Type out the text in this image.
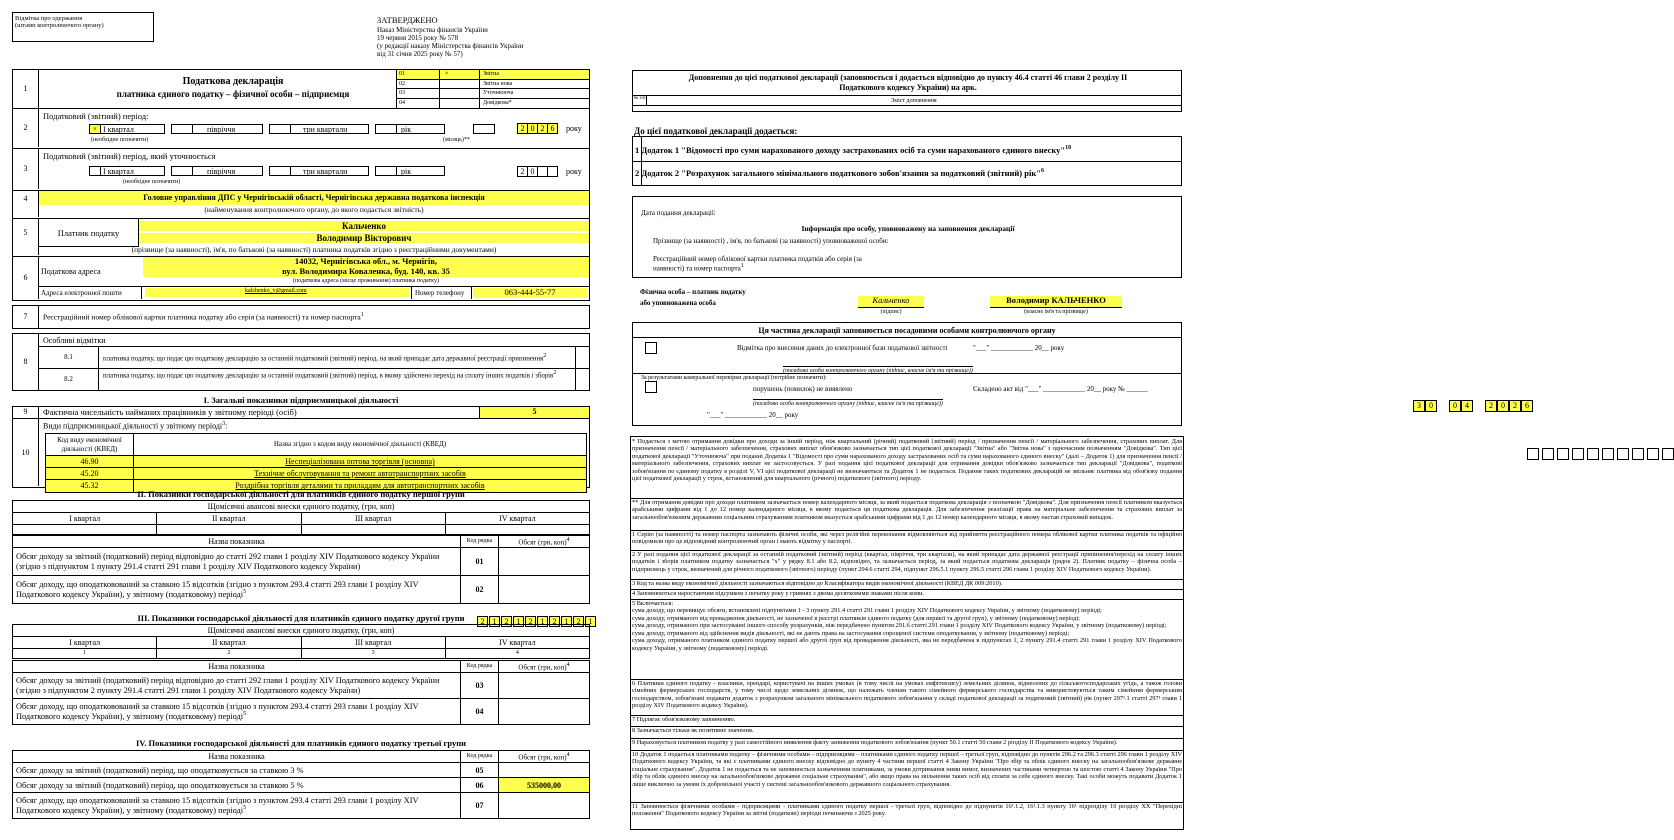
Відмітка про одержання
(штамп контролюючого органу)
ЗАТВЕРДЖЕНО
Наказ Міністерства фінансів України
19 червня 2015 року № 578
(у редакції наказу Міністерства фінансів України
від 31 січня 2025 року № 57)
1
Податкова декларація
платника єдиного податку – фізичної особи – підприємця
01	×	Звітна
02	Звітна нова
03	Уточнююча
04	Довідкова*
2
Податковий (звітний) період:
× I квартал	півріччя	три квартали	рік
(необхідне позначити)	(місяць)**
2 0 2 6	року
3
Податковий (звітний) період, який уточнюється
I квартал	півріччя	три квартали	рік
(необхідне позначити)
2 0	року
4	Головне управління ДПС у Чернігівській області, Чернігівська державна податкова інспекція
(найменування контролюючого органу, до якого подається звітність)
5	Платник податку
Кальченко
Володимир Вікторович
(прізвище (за наявності), ім'я, по батькові (за наявності) платника податків згідно з реєстраційними документами)
6
Податкова адреса
14032, Чернігівська обл., м. Чернігів,
вул. Володимира Коваленка, буд. 140, кв. 35
(податкова адреса (місце проживання) платника податку)
Адреса електронної пошти	kalchenko_v@gmail.com	Номер телефону	063-444-55-77
7	Реєстраційний номер облікової картки платника податку або серія (за наявності) та номер паспорта$^1$
2	1	2	1	2	1	2	1	2	1
8
Особливі відмітки
8.1	платника податку, що подає цю податкову декларацію за останній податковий (звітний) період, на який припадає дата державної реєстрації припинення$^2$
8.2	платника податку, що подає цю податкову декларацію за останній податковий (звітний) період, в якому здійснено перехід на сплату інших податків і зборів$^2$
I. Загальні показники підприємницької діяльності
9	Фактична чисельність найманих працівників у звітному періоді (осіб)	5
10
Види підприємницької діяльності у звітному періоді$^3$:
Код виду економічної діяльності (КВЕД)	Назва згідно з кодом виду економічної діяльності (КВЕД)
46.90	Неспеціалізована оптова торгівля (основна)
45.20	Технічне обслуговування та ремонт автотранспортних засобів
45.32	Роздрібна торгівля деталями та приладдям для автотранспортних засобів
II. Показники господарської діяльності для платників єдиного податку першої групи
Щомісячні авансові внески єдиного податку, (грн, коп)			
I квартал	II квартал	III квартал	IV квартал

Назва показника	Код рядка	Обсяг (грн, коп)$^4$
Обсяг доходу за звітний (податковий) період відповідно до статті 292 глави 1 розділу XIV Податкового кодексу України (згідно з підпунктом 1 пункту 291.4 статті 291 глави 1 розділу XIV Податкового кодексу України)	01	
Обсяг доходу, що оподатковований за ставкою 15 відсотків (згідно з пунктом 293.4 статті 293 глави 1 розділу XIV Податкового кодексу України), у звітному (податковому) періоді$^5$	02	
III. Показники господарської діяльності для платників єдиного податку другої групи
Щомісячні авансові внески єдиного податку, (грн, коп)			
I квартал	II квартал	III квартал	IV квартал
1	2	3	4
Назва показника	Код рядка	Обсяг (грн, коп)$^4$
Обсяг доходу за звітний (податковий) період відповідно до статті 292 глави 1 розділу XIV Податкового кодексу України (згідно з підпунктом 2 пункту 291.4 статті 291 глави 1 розділу XIV Податкового кодексу України)	03	
Обсяг доходу, що оподатковований за ставкою 15 відсотків (згідно з пунктом 293.4 статті 293 глави 1 розділу XIV Податкового кодексу України), у звітному (податковому) періоді$^5$	04	
IV. Показники господарської діяльності для платників єдиного податку третьої групи
Назва показника	Код рядка	Обсяг (грн, коп)$^4$
Обсяг доходу за звітний (податковий) період, що оподатковується за ставкою 3 %	05	
Обсяг доходу за звітний (податковий) період, що оподатковується за ставкою 5 %	06	535000,00
Обсяг доходу, що оподатковований за ставкою 15 відсотків (згідно з пунктом 293.4 статті 293 глави 1 розділу XIV Податкового кодексу України), у звітному (податковому) періоді$^5$	07	
Доповнення до цієї податкової декларації (заповнюється і додається відповідно до пункту 46.4 статті 46 глави 2 розділу II Податкового кодексу України) на арк.
№ з/п	Зміст доповнення
До цієї податкової декларації додається:
1 Додаток 1 "Відомості про суми нарахованого доходу застрахованих осіб та суми нарахованого єдиного внеску"$^{10}$
2 Додаток 2 "Розрахунок загального мінімального податкового зобов'язання за податковий (звітний) рік"$^6$
Дата подання декларації:
3	0	0	4	2	0	2	6
Інформація про особу, уповноважену на заповнення декларації
Прізвище (за наявності) , ім'я, по батькові (за наявності) уповноваженої особи:
Реєстраційний номер облікової картки платника податків або серія (за наявності) та номер паспорта$^1$
Фізична особа – платник податку
або уповноважена особа	Кальченко
(підпис)
Володимир КАЛЬЧЕНКО
(власне ім'я та прізвище)
Ця частина декларації заповнюється посадовими особами контролюючого органу
Відмітка про внесення даних до електронної бази податкової звітності	"___" ____________ 20__ року
(посадова особа контролюючого органу (підпис, власне ім'я та прізвище))
За результатами камеральної перевірки декларації (потрібне позначити):
порушень (помилок) не виявлено	Складено акт від "___" ____________ 20__ року № ______
(посадова особа контролюючого органу (підпис, власне ім'я та прізвище))
"___" ____________ 20__ року
* Подається з метою отримання довідки про доходи за іншій період, ніж квартальний (річний) податковий (звітний) період / призначення пенсії / матеріального забезпечення, страхових виплат. Для призначення пенсії / матеріального забезпечення, страхових виплат обов'язково зазначається тип цієї податкової декларації "Звітна" або "Звітна нова" з одночасним позначенням "Довідкова". Тип цієї податкової декларації "Уточнююча" при поданні Додатка 1 "Відомості про суми нарахованого доходу застрахованих осіб та суми нарахованого єдиного внеску" (далі – Додаток 1) для призначення пенсії / матеріального забезпечення, страхових виплат не застосовується. У разі подання цієї податкової декларації для отримання довідки обов'язково зазначається тип декларації "Довідкова", податкові зобов'язання по єдиному податку в розділі V, VI цієї податкової декларації не визначаються та Додаток 1 не подається. Подання таких податкових декларацій не звільняє платника від обов'язку подання цієї податкової декларації у строк, встановлений для квартального (річного) податкового (звітного) періоду.
** Для отримання довідки про доходи платником зазначається номер календарного місяця, за який подається податкова декларація з позначкою "Довідкова". Для призначення пенсії платником вказується арабськими цифрами від 1 до 12 номер календарного місяця, в якому подається ця податкова декларація. Для забезпечення реалізації права на матеріальне забезпечення та страхових виплат за загальнообов'язковим державним соціальним страхуванням платником вказується арабськими цифрами від 1 до 12 номер календарного місяця, в якому настав страховий випадок.
1 Серію (за наявності) та номер паспорта зазначають фізичні особи, які через релігійні переконання відмовляються від прийняття реєстраційного номера облікової картки платника податків та офіційно повідомили про це відповідний контролюючий орган і мають відмітку у паспорті.
2 У разі подання цієї податкової декларації за останній податковий (звітний) період (квартал, півріччя, три квартали), на який припадає дата державної реєстрації припинення/перехід на сплату інших податків і зборів платником податку зазначається "х" у рядку 8.1 або 8.2, відповідно, та зазначається період, за який подається податкова декларація (рядок 2). Платник податку – фізична особа – підприємець у строк, визначений для річного податкового (звітного) періоду (пункт 294.6 статті 294, підпункт 296.5.1 пункту 296.5 статті 296 глави 1 розділу XIV Податкового кодексу України).
3 Код та назва виду економічної діяльності зазначаються відповідно до Класифікатора видів економічної діяльності (КВЕД ДК 009:2010).
4 Заповнюються наростаючим підсумком з початку року у гривнях з двома десятковими знаками після коми.
5 Включається:
сума доходу, що перевищує обсяги, встановлені підпунктами 1 - 3 пункту 291.4 статті 291 глави 1 розділу XIV Податкового кодексу України, у звітному (податковому) періоді;
сума доходу, отриманого від провадження діяльності, не зазначеної в реєстрі платників єдиного податку (для першої та другої груп), у звітному (податковому) періоді;
сума доходу, отриманого при застосуванні іншого способу розрахунків, ніж передбачено пунктом 291.6 статті 291 глави 1 розділу XIV Податкового кодексу України, у звітному (податковому) періоді;
сума доходу, отриманого від здійснення видів діяльності, які не дають права на застосування спрощеної системи оподаткування, у звітному (податковому) періоді;
сума доходу, отриманого платником єдиного податку першої або другої груп від провадження діяльності, яка не передбачена в підпунктах 1, 2 пункту 291.4 статті 291 глави 1 розділу XIV Податкового кодексу України, у звітному (податковому) періоді.
6 Платники єдиного податку - власники, орендарі, користувачі на інших умовах (в тому числі на умовах емфітевзису) земельних ділянок, віднесених до сільськогосподарських угідь, а також голови сімейних фермерських господарств, у тому числі щодо земельних ділянок, що належать членам такого сімейного фермерського господарства та використовуються таким сімейним фермерським господарством, зобов'язані подавати додаток з розрахунком загального мінімального податкового зобов'язання у складі податкової декларації за податковий (звітний) рік (пункт 297¹.1 статті 297¹ глави 1 розділу XIV Податкового кодексу України).
7 Підлягає обов'язковому заповненню.
8 Зазначається тільки як позитивне значення.
9 Нараховується платником податку у разі самостійного виявлення факту заниження податкового зобов'язання (пункт 50.1 статті 50 глави 2 розділу II Податкового кодексу України).
10 Додаток 1 подається платниками податку – фізичними особами – підприємцями – платниками єдиного податку першої – третьої груп, відповідно до пунктів 296.2 та 296.3 статті 296 глави 1 розділу XIV Податкового кодексу України, та які є платниками єдиного внеску відповідно до пункту 4 частини першої статті 4 Закону України "Про збір та облік єдиного внеску на загальнообов'язкове державне соціальне страхування". Додаток 1 не подається та не заповнюється зазначеними платниками, за умови дотримання ними вимог, визначених частинами четвертою та шостою статті 4 Закону України "Про збір та облік єдиного внеску на загальнообов'язкове державне соціальне страхування", або якщо права на звільнення таких осіб від сплати за себе єдиного внеску. Такі особи можуть подавати Додаток 1 лише виключно за умови їх добровільної участі у системі загальнообов'язкового державного соціального страхування.
11 Заповнюється фізичними особами - підприємцями - платниками єдиного податку першої - третьої груп, відповідно до підпунктів 16¹.1.2, 16¹.1.3 пункту 16¹ підрозділу 10 розділу XX "Перехідні положення" Податкового кодексу України за звітні (податкові) періоди починаючи з 2025 року.
